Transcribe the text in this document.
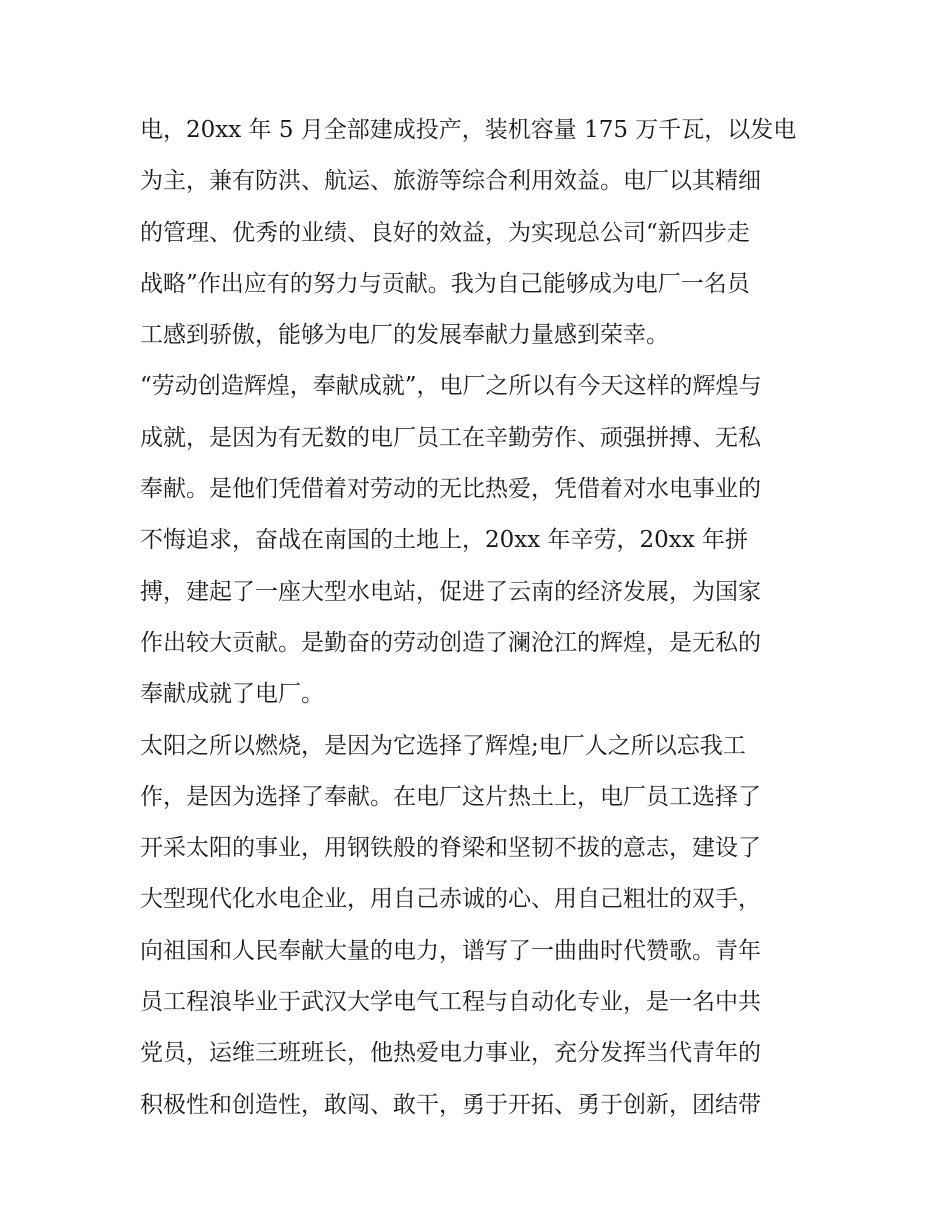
电，20xx 年 5 月全部建成投产，装机容量 175 万千瓦，以发电
为主，兼有防洪、航运、旅游等综合利用效益。电厂以其精细
的管理、优秀的业绩、良好的效益，为实现总公司“新四步走
战略”作出应有的努力与贡献。我为自己能够成为电厂一名员
工感到骄傲，能够为电厂的发展奉献力量感到荣幸。
“劳动创造辉煌，奉献成就”，电厂之所以有今天这样的辉煌与
成就，是因为有无数的电厂员工在辛勤劳作、顽强拼搏、无私
奉献。是他们凭借着对劳动的无比热爱，凭借着对水电事业的
不悔追求，奋战在南国的土地上，20xx 年辛劳，20xx 年拼
搏，建起了一座大型水电站，促进了云南的经济发展，为国家
作出较大贡献。是勤奋的劳动创造了澜沧江的辉煌，是无私的
奉献成就了电厂。
太阳之所以燃烧，是因为它选择了辉煌;电厂人之所以忘我工
作，是因为选择了奉献。在电厂这片热土上，电厂员工选择了
开采太阳的事业，用钢铁般的脊梁和坚韧不拔的意志，建设了
大型现代化水电企业，用自己赤诚的心、用自己粗壮的双手，
向祖国和人民奉献大量的电力，谱写了一曲曲时代赞歌。青年
员工程浪毕业于武汉大学电气工程与自动化专业，是一名中共
党员，运维三班班长，他热爱电力事业，充分发挥当代青年的
积极性和创造性，敢闯、敢干，勇于开拓、勇于创新，团结带
